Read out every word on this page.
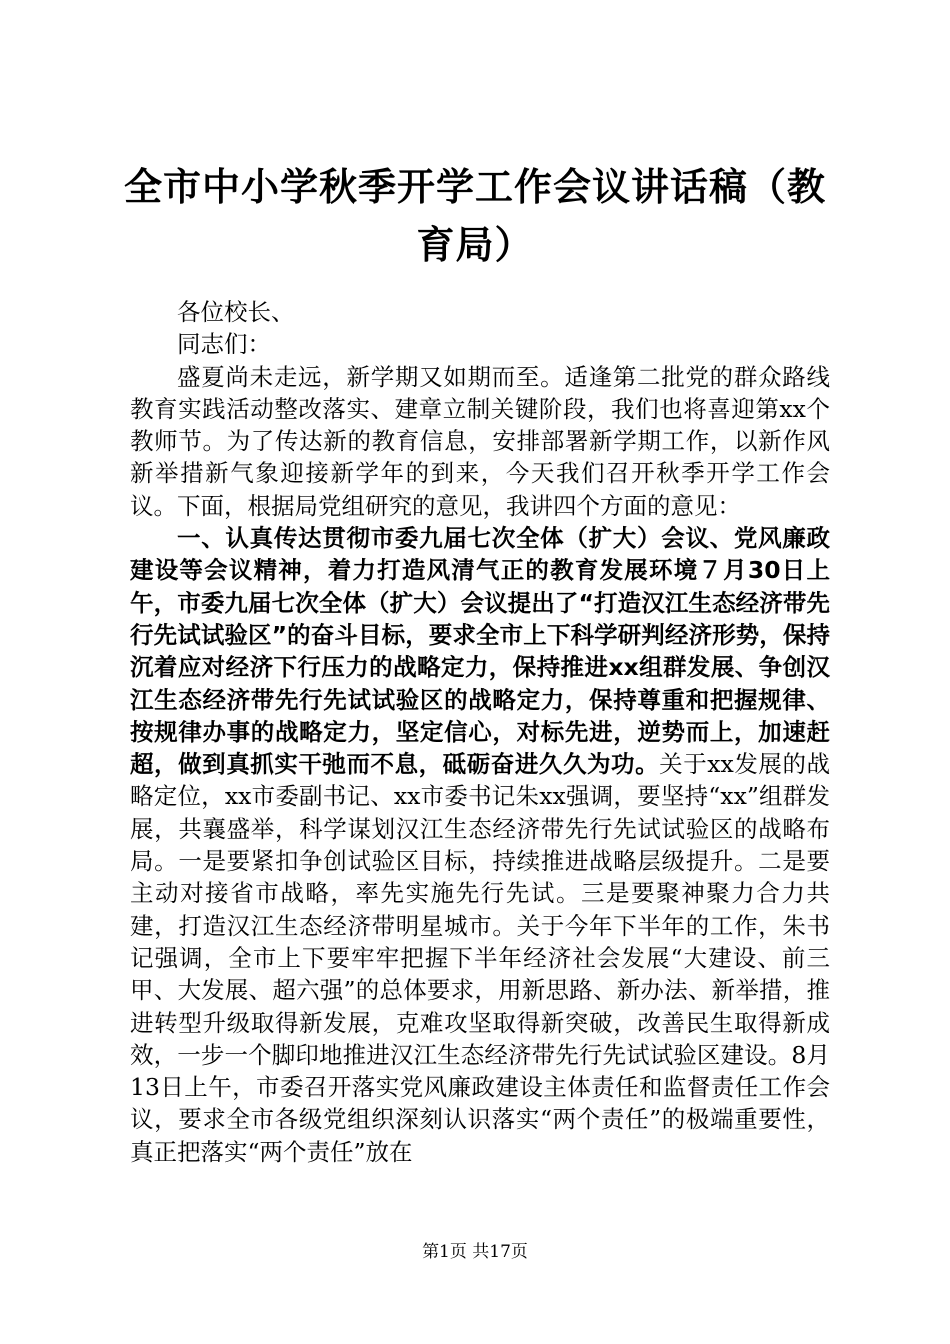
全市中小学秋季开学工作会议讲话稿（教育局）

各位校长、

同志们：

盛夏尚未走远，新学期又如期而至。适逢第二批党的群众路线教育实践活动整改落实、建章立制关键阶段，我们也将喜迎第xx个教师节。为了传达新的教育信息，安排部署新学期工作，以新作风新举措新气象迎接新学年的到来，今天我们召开秋季开学工作会议。下面，根据局党组研究的意见，我讲四个方面的意见：

一、认真传达贯彻市委九届七次全体（扩大）会议、党风廉政建设等会议精神，着力打造风清气正的教育发展环境７月30日上午，市委九届七次全体（扩大）会议提出了“打造汉江生态经济带先行先试试验区”的奋斗目标，要求全市上下科学研判经济形势，保持沉着应对经济下行压力的战略定力，保持推进xx组群发展、争创汉江生态经济带先行先试试验区的战略定力，保持尊重和把握规律、按规律办事的战略定力，坚定信心，对标先进，逆势而上，加速赶超，做到真抓实干弛而不息，砥砺奋进久久为功。关于xx发展的战略定位，xx市委副书记、xx市委书记朱xx强调，要坚持“xx”组群发展，共襄盛举，科学谋划汉江生态经济带先行先试试验区的战略布局。一是要紧扣争创试验区目标，持续推进战略层级提升。二是要主动对接省市战略，率先实施先行先试。三是要聚神聚力合力共建，打造汉江生态经济带明星城市。关于今年下半年的工作，朱书记强调，全市上下要牢牢把握下半年经济社会发展“大建设、前三甲、大发展、超六强”的总体要求，用新思路、新办法、新举措，推进转型升级取得新发展，克难攻坚取得新突破，改善民生取得新成效，一步一个脚印地推进汉江生态经济带先行先试试验区建设。8月13日上午，市委召开落实党风廉政建设主体责任和监督责任工作会议，要求全市各级党组织深刻认识落实“两个责任”的极端重要性，真正把落实“两个责任”放在

第1页 共17页
